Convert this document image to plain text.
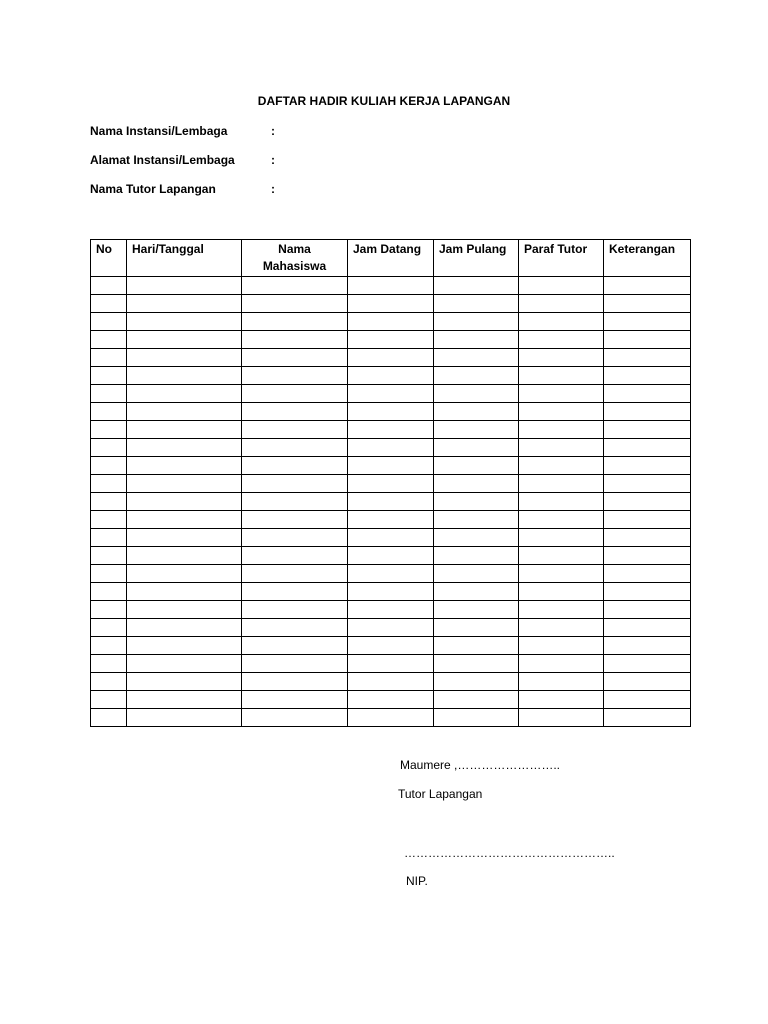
DAFTAR HADIR KULIAH KERJA LAPANGAN
Nama Instansi/Lembaga	:
Alamat Instansi/Lembaga	:
Nama Tutor Lapangan	:
No	Hari/Tanggal	Nama Mahasiswa	Jam Datang	Jam Pulang	Paraf Tutor	Keterangan

Maumere ,……………………..
Tutor Lapangan
……………………………………………..
NIP.
